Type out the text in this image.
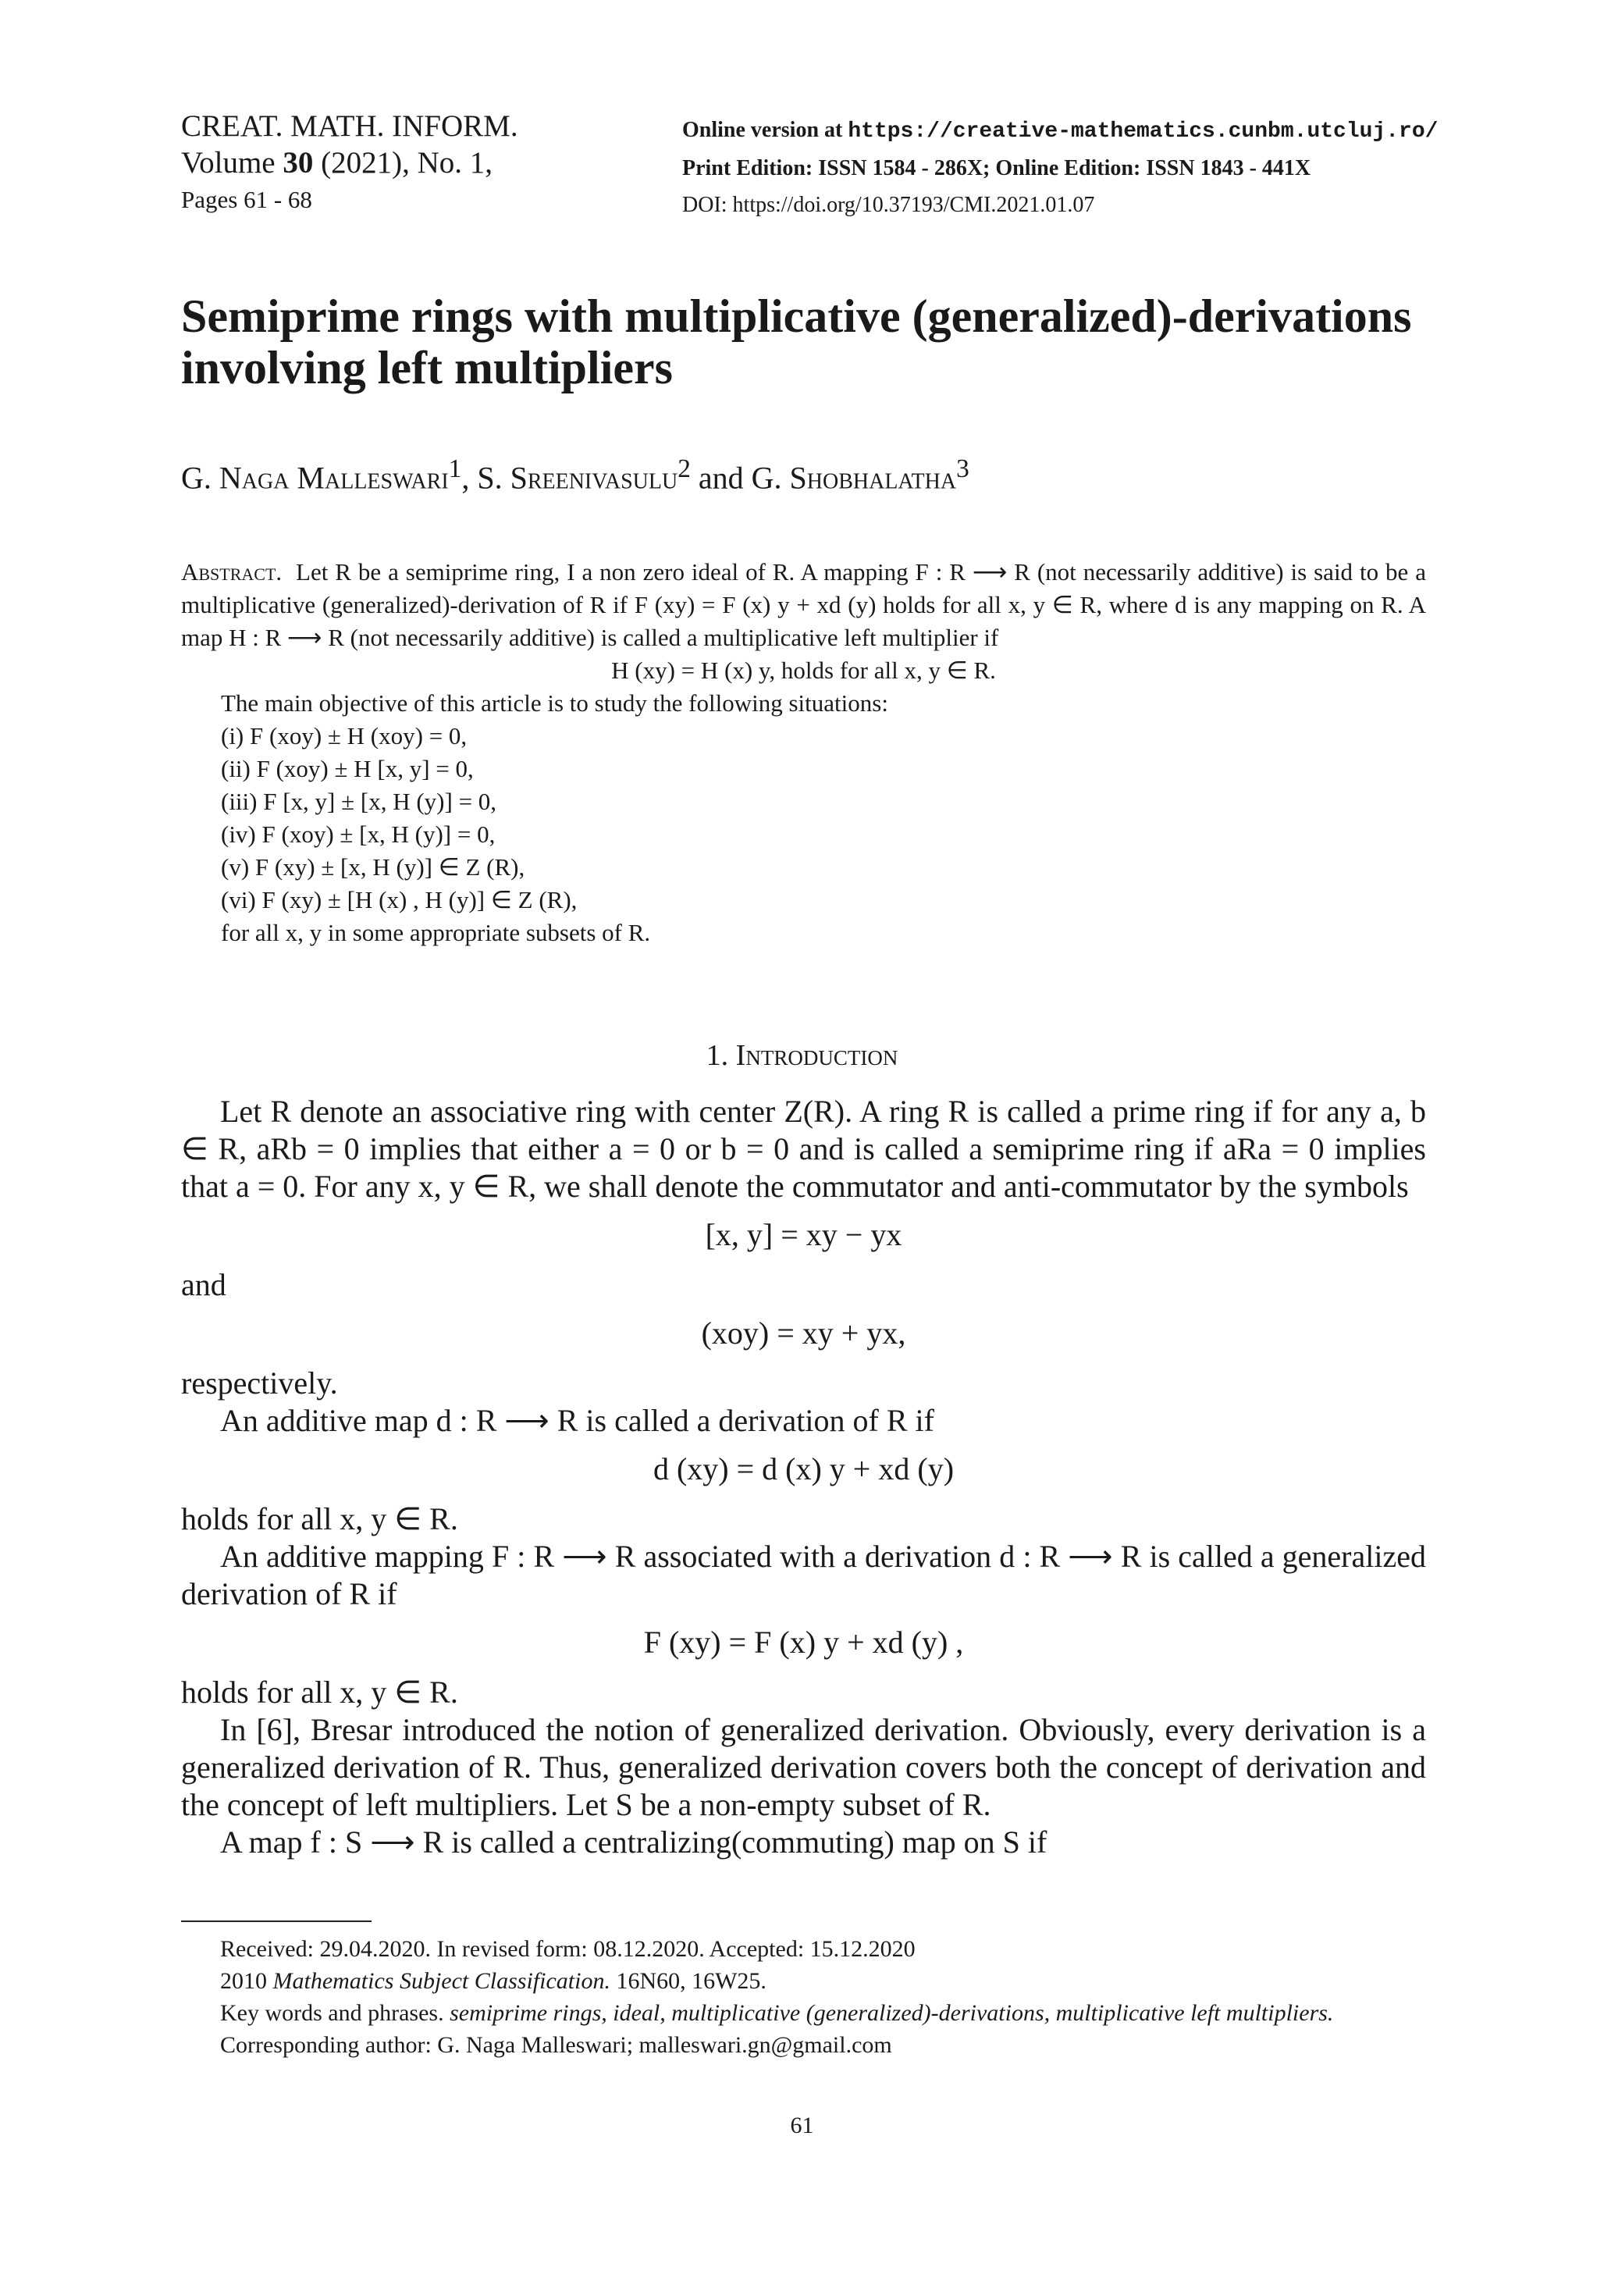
CREAT. MATH. INFORM.
Volume 30 (2021), No. 1,
Pages 61 - 68
Online version at https://creative-mathematics.cunbm.utcluj.ro/
Print Edition: ISSN 1584 - 286X; Online Edition: ISSN 1843 - 441X
DOI: https://doi.org/10.37193/CMI.2021.01.07
Semiprime rings with multiplicative (generalized)-derivations involving left multipliers
G. Naga Malleswari$^1$, S. Sreenivasulu$^2$ and G. Shobhalatha$^3$
Abstract. Let R be a semiprime ring, I a non zero ideal of R. A mapping F : R ⟶ R (not necessarily additive) is said to be a multiplicative (generalized)-derivation of R if F (xy) = F (x) y + xd (y) holds for all x, y ∈ R, where d is any mapping on R. A map H : R ⟶ R (not necessarily additive) is called a multiplicative left multiplier if
H (xy) = H (x) y, holds for all x, y ∈ R.
The main objective of this article is to study the following situations:
(i) F (xoy) ± H (xoy) = 0,
(ii) F (xoy) ± H [x, y] = 0,
(iii) F [x, y] ± [x, H (y)] = 0,
(iv) F (xoy) ± [x, H (y)] = 0,
(v) F (xy) ± [x, H (y)] ∈ Z (R),
(vi) F (xy) ± [H (x) , H (y)] ∈ Z (R),
for all x, y in some appropriate subsets of R.
1. Introduction

Let R denote an associative ring with center Z(R). A ring R is called a prime ring if for any a, b ∈ R, aRb = 0 implies that either a = 0 or b = 0 and is called a semiprime ring if aRa = 0 implies that a = 0. For any x, y ∈ R, we shall denote the commutator and anti-commutator by the symbols

[x, y] = xy − yx

and

(xoy) = xy + yx,

respectively.

An additive map d : R ⟶ R is called a derivation of R if

d (xy) = d (x) y + xd (y)

holds for all x, y ∈ R.

An additive mapping F : R ⟶ R associated with a derivation d : R ⟶ R is called a generalized derivation of R if

F (xy) = F (x) y + xd (y) ,

holds for all x, y ∈ R.

In [6], Bresar introduced the notion of generalized derivation. Obviously, every derivation is a generalized derivation of R. Thus, generalized derivation covers both the concept of derivation and the concept of left multipliers. Let S be a non-empty subset of R.

A map f : S ⟶ R is called a centralizing(commuting) map on S if

Received: 29.04.2020. In revised form: 08.12.2020. Accepted: 15.12.2020

2010 Mathematics Subject Classification. 16N60, 16W25.

Key words and phrases. semiprime rings, ideal, multiplicative (generalized)-derivations, multiplicative left multipliers.

Corresponding author: G. Naga Malleswari; malleswari.gn@gmail.com

61
